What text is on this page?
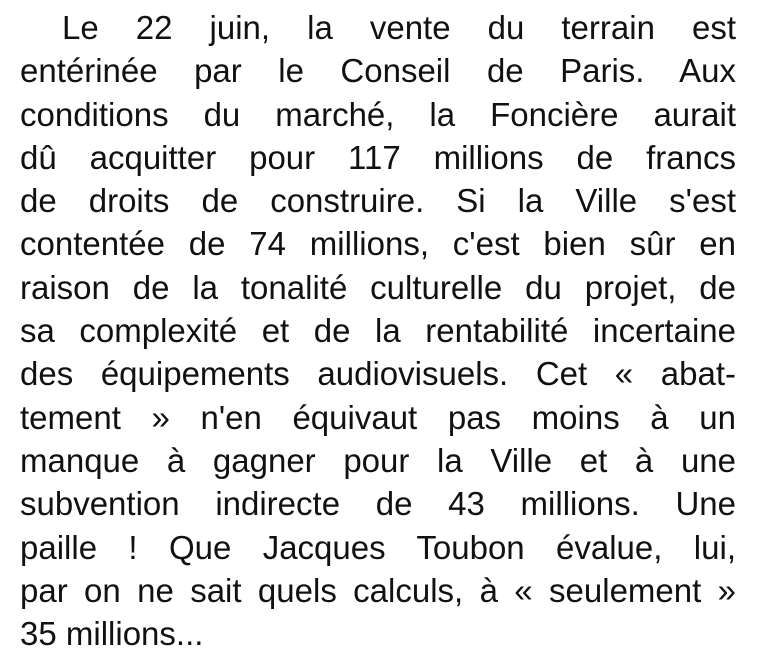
Le 22 juin, la vente du terrain est
entérinée par le Conseil de Paris. Aux
conditions du marché, la Foncière aurait
dû acquitter pour 117 millions de francs
de droits de construire. Si la Ville s'est
contentée de 74 millions, c'est bien sûr en
raison de la tonalité culturelle du projet, de
sa complexité et de la rentabilité incertaine
des équipements audiovisuels. Cet « abat-
tement » n'en équivaut pas moins à un
manque à gagner pour la Ville et à une
subvention indirecte de 43 millions. Une
paille ! Que Jacques Toubon évalue, lui,
par on ne sait quels calculs, à « seulement »
35 millions...
